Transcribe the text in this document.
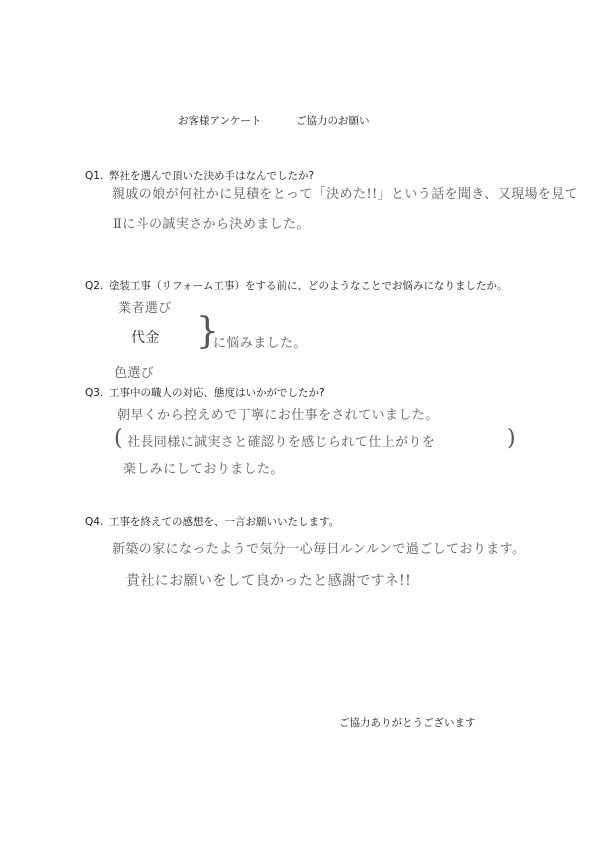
お客様アンケート	ご協力のお願い
Q1. 弊社を選んで頂いた決め手はなんでしたか?
親戚の娘が何社かに見積をとって「決めた!!」という話を聞き、又現場を見て
Ⅱに斗の誠実さから決めました。
Q2. 塗装工事（リフォーム工事）をする前に、どのようなことでお悩みになりましたか。
業者選び
代金
色選び
}
に悩みました。
Q3. 工事中の職人の対応、態度はいかがでしたか?
朝早くから控えめで丁寧にお仕事をされていました。
( 社長同様に誠実さと確認りを感じられて仕上がりを	)
楽しみにしておりました。
Q4. 工事を終えての感想を、一言お願いいたします。
新築の家になったようで気分一心毎日ルンルンで過ごしております。
貴社にお願いをして良かったと感謝ですネ!!
ご協力ありがとうございます
